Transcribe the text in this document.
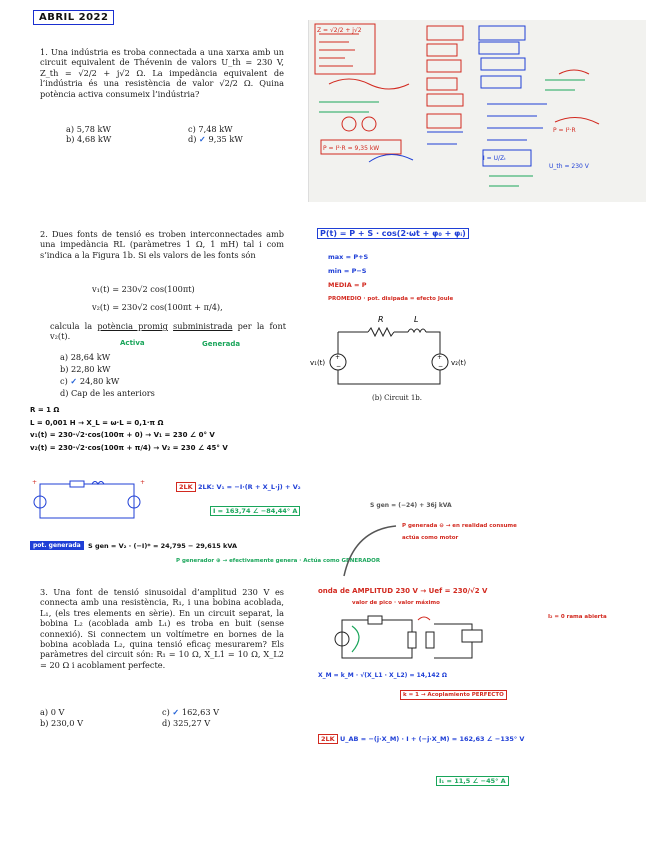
ABRIL 2022
1. Una indústria es troba connectada a una xarxa amb un circuit equivalent de Thévenin de valors U_th = 230 V, Z_th = √2/2 + j√2 Ω. La impedància equivalent de l’indústria és una resistència de valor √2/2 Ω. Quina potència activa consumeix l’indústria?
a) 5,78 kW
b) 4,68 kW
c) 7,48 kW
d) ✓ 9,35 kW
Z = √2/2 + j√2
P = I²·R = 9,35 kW
P = I²·R
I = U/Zₜ
U_th = 230 V
2. Dues fonts de tensió es troben interconnectades amb una impedància RL (paràmetres 1 Ω, 1 mH) tal i com s’indica a la Figura 1b. Si els valors de les fonts són
v₁(t) = 230√2 cos(100πt)
v₂(t) = 230√2 cos(100πt + π/4),
calcula la potència promig subministrada per la font v₂(t).
Activa	Generada
a) 28,64 kW
b) 22,80 kW
c) ✓ 24,80 kW
d) Cap de les anteriors
P(t) = P + S · cos(2·ωt + φ₀ + φᵢ)
max = P+S
min = P−S
MEDIA = P
PROMEDIO · pot. disipada = efecto Joule
+
−
+
−
R	L
v₁(t)	v₂(t)
(b) Circuit 1b.
R = 1 Ω
L = 0,001 H → X_L = ω·L = 0,1·π Ω
v₁(t) = 230·√2·cos(100π + 0) → V₁ = 230 ∠ 0° V
v₂(t) = 230·√2·cos(100π + π/4) → V₂ = 230 ∠ 45° V
+	+
2LK 2LK: V₁ = −I·(R + X_L·j) + V₂
I = 163,74 ∠ −84,44° A
S gen = (−24) + 36j kVA
P generada ⊖ → en realidad consume
actúa como motor
pot. generada	S gen = V₂ · (−I)* = 24,795 − 29,615 kVA
P generador ⊕ → efectivamente genera · Actúa como GENERADOR
3. Una font de tensió sinusoidal d’amplitud 230 V es connecta amb una resistència, R₁, i una bobina acoblada, L₁, (els tres elements en sèrie). En un circuit separat, la bobina L₂ (acoblada amb L₁) es troba en buit (sense connexió). Si connectem un voltímetre en bornes de la bobina acoblada L₂, quina tensió eficaç mesurarem? Els paràmetres del circuit són: R₁ = 10 Ω, X_L1 = 10 Ω, X_L2 = 20 Ω i acoblament perfecte.
a) 0 V
b) 230,0 V
c) ✓ 162,63 V
d) 325,27 V
onda de AMPLITUD 230 V → Uef = 230/√2 V
valor de pico · valor máximo
I₂ = 0 rama abierta
X_M = k_M · √(X_L1 · X_L2) = 14,142 Ω
k = 1 → Acoplamiento PERFECTO
2LK U_AB = −(j·X_M) · I + (−j·X_M) = 162,63 ∠ −135° V
I₁ = 11,5 ∠ −45° A
